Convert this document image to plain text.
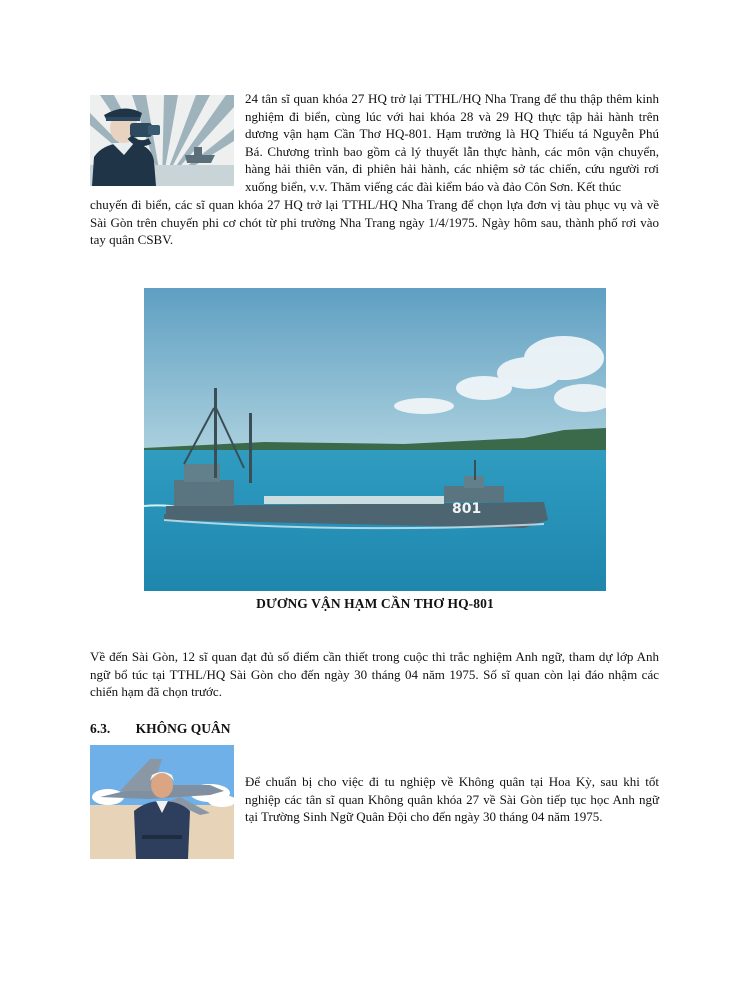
24 tân sĩ quan khóa 27 HQ trở lại TTHL/HQ Nha Trang để thu thập thêm kinh nghiệm đi biển, cùng lúc với hai khóa 28 và 29 HQ thực tập hải hành trên dương vận hạm Cần Thơ HQ-801. Hạm trưởng là HQ Thiếu tá Nguyễn Phú Bá. Chương trình bao gồm cả lý thuyết lẫn thực hành, các môn vận chuyển, hàng hải thiên văn, đi phiên hải hành, các nhiệm sở tác chiến, cứu người rơi xuống biển, v.v. Thăm viếng các đài kiểm báo và đảo Côn Sơn. Kết thúc

chuyến đi biển, các sĩ quan khóa 27 HQ trở lại TTHL/HQ Nha Trang để chọn lựa đơn vị tàu phục vụ và về Sài Gòn trên chuyến phi cơ chót từ phi trường Nha Trang ngày 1/4/1975. Ngày hôm sau, thành phố rơi vào tay quân CSBV.

801
DƯƠNG VẬN HẠM CẦN THƠ HQ-801

Về đến Sài Gòn, 12 sĩ quan đạt đủ số điểm cần thiết trong cuộc thi trắc nghiệm Anh ngữ, tham dự lớp Anh ngữ bổ túc tại TTHL/HQ Sài Gòn cho đến ngày 30 tháng 04 năm 1975. Số sĩ quan còn lại đáo nhậm các chiến hạm đã chọn trước.

6.3. KHÔNG QUÂN

Để chuẩn bị cho việc đi tu nghiệp về Không quân tại Hoa Kỳ, sau khi tốt nghiệp các tân sĩ quan Không quân khóa 27 về Sài Gòn tiếp tục học Anh ngữ tại Trường Sinh Ngữ Quân Đội cho đến ngày 30 tháng 04 năm 1975.
